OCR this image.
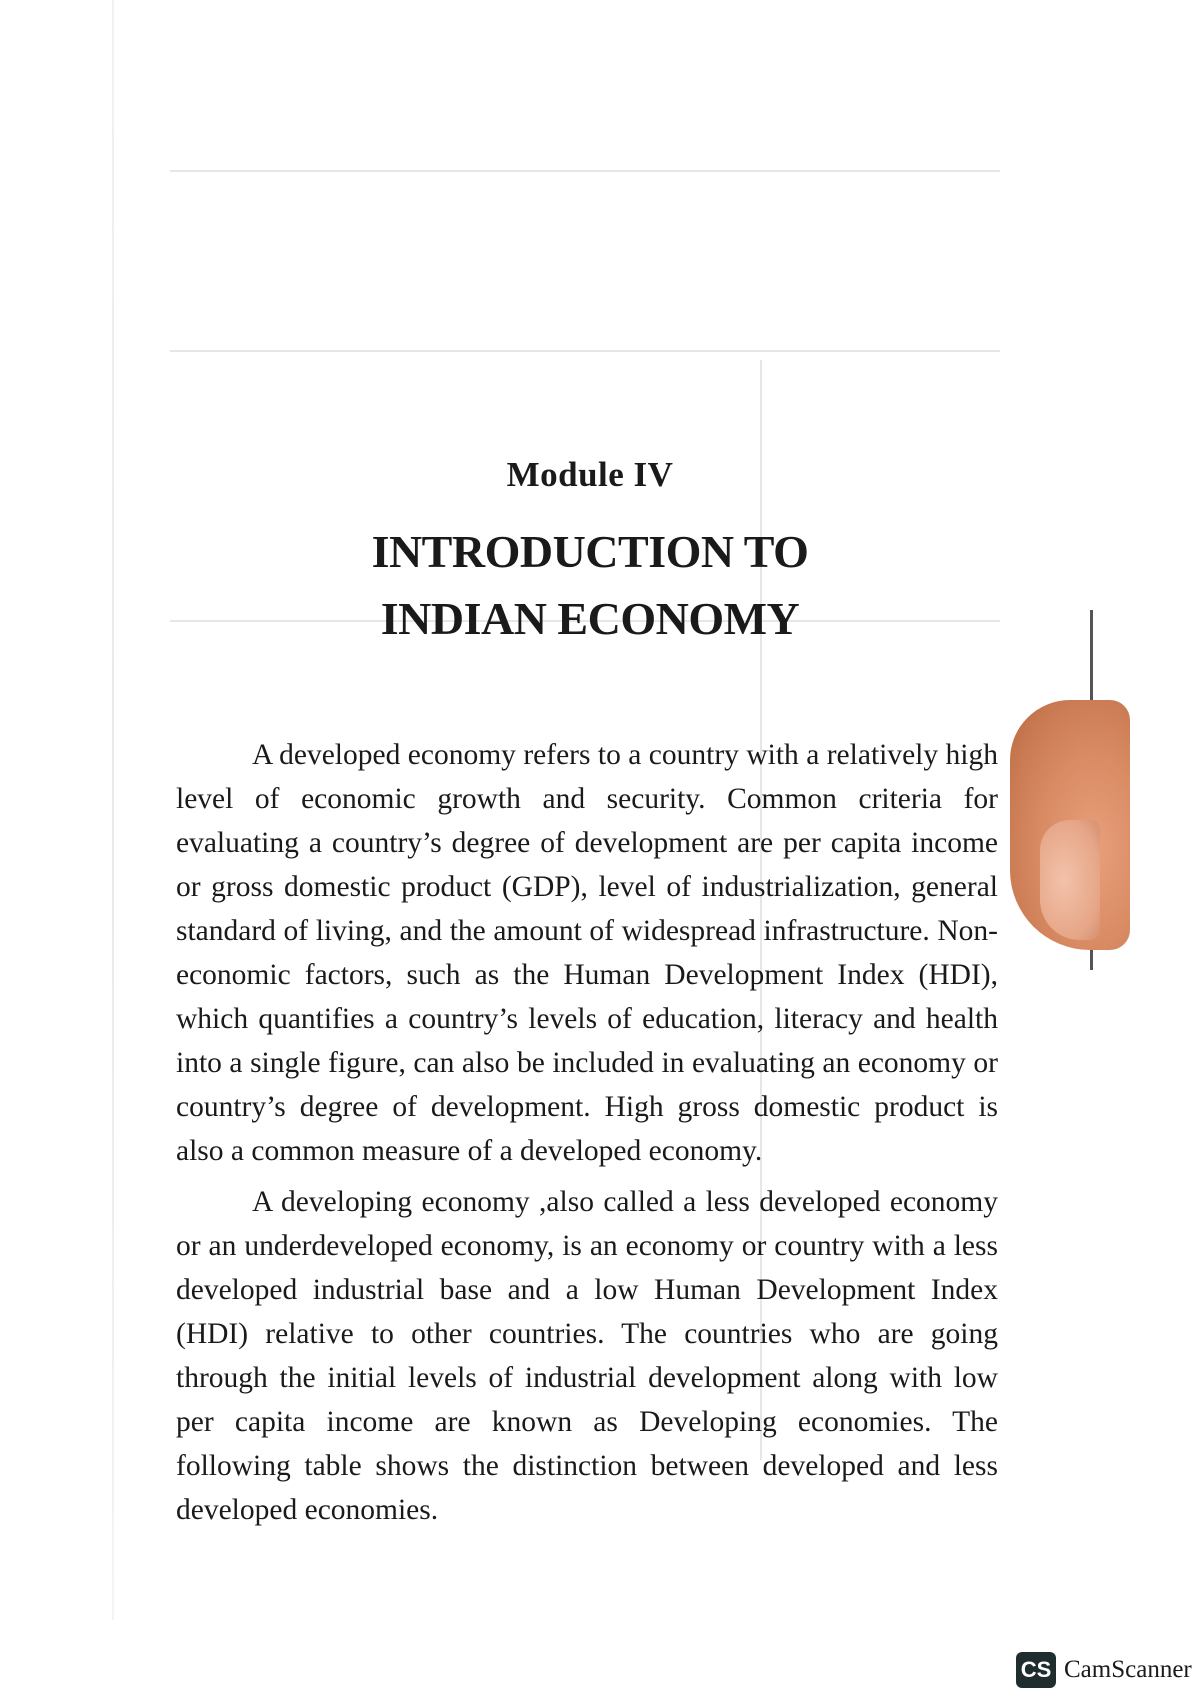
Module IV
INTRODUCTION TO
INDIAN ECONOMY

A developed economy refers to a country with a relatively high level of economic growth and security. Common criteria for evaluating a country’s degree of development are per capita income or gross domestic product (GDP), level of industrialization, general standard of living, and the amount of widespread infrastructure. Non-economic factors, such as the Human Development Index (HDI), which quantifies a country’s levels of education, literacy and health into a single figure, can also be included in evaluating an economy or country’s degree of development. High gross domestic product is also a common measure of a developed economy.

A developing economy ,also called a less developed economy or an underdeveloped economy, is an economy or country with a less developed industrial base and a low Human Development Index (HDI) relative to other countries. The countries who are going through the initial levels of industrial development along with low per capita income are known as Developing economies. The following table shows the distinction between developed and less developed economies.

CS CamScanner
